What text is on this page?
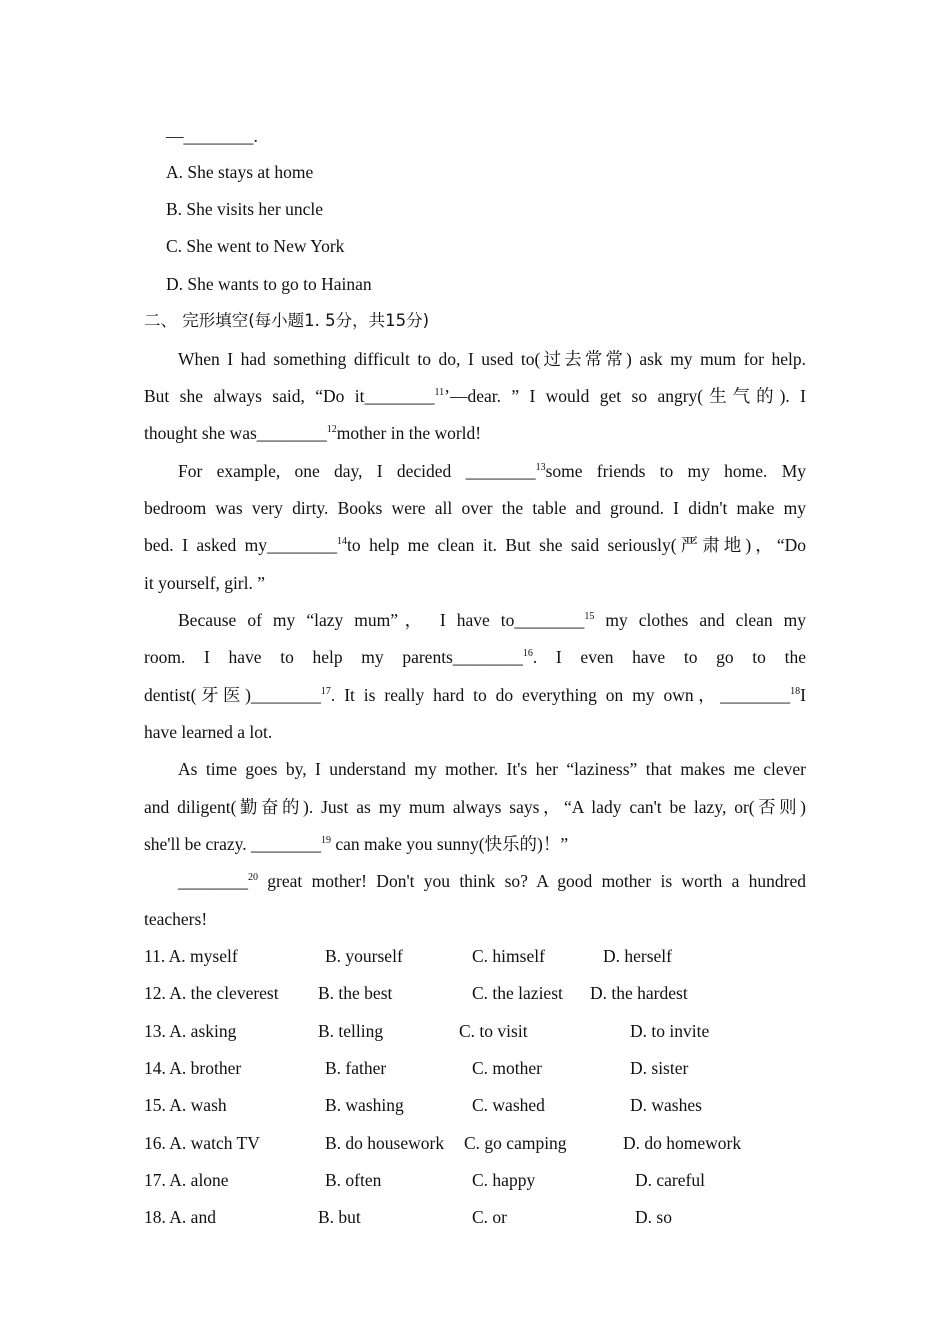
—________.
A. She stays at home
B. She visits her uncle
C. She went to New York
D. She wants to go to Hainan
二、 完形填空(每小题1. 5分，共15分)
When I had something difficult to do, I used to(过去常常) ask my mum for help.
But she always said, “Do it________$^{11}$’—dear. ” I would get so angry(生气的). I
thought she was________$^{12}$mother in the world!
For example, one day, I decided ________$^{13}$some friends to my home. My
bedroom was very dirty. Books were all over the table and ground. I didn't make my
bed. I asked my________$^{14}$to help me clean it. But she said seriously(严肃地)，“Do
it yourself, girl. ”
Because of my “lazy mum”， I have to________$^{15}$ my clothes and clean my
room. I have to help my parents________$^{16}$. I even have to go to the
dentist(牙医)________$^{17}$. It is really hard to do everything on my own，________$^{18}$I
have learned a lot.
As time goes by, I understand my mother. It's her “laziness” that makes me clever
and diligent(勤奋的). Just as my mum always says，“A lady can't be lazy, or(否则)
she'll be crazy. ________$^{19}$ can make you sunny(快乐的)！”
________$^{20}$ great mother! Don't you think so? A good mother is worth a hundred
teachers!
11. A. myself	B. yourself	C. himself	D. herself
12. A. the cleverest B. the best	C. the laziest D. the hardest
13. A. asking	B. telling	C. to visit	D. to invite
14. A. brother	B. father	C. mother	D. sister
15. A. wash	B. washing	C. washed	D. washes
16. A. watch TV	B. do housework C. go camping	D. do homework
17. A. alone	B. often	C. happy	D. careful
18. A. and	B. but	C. or	D. so
